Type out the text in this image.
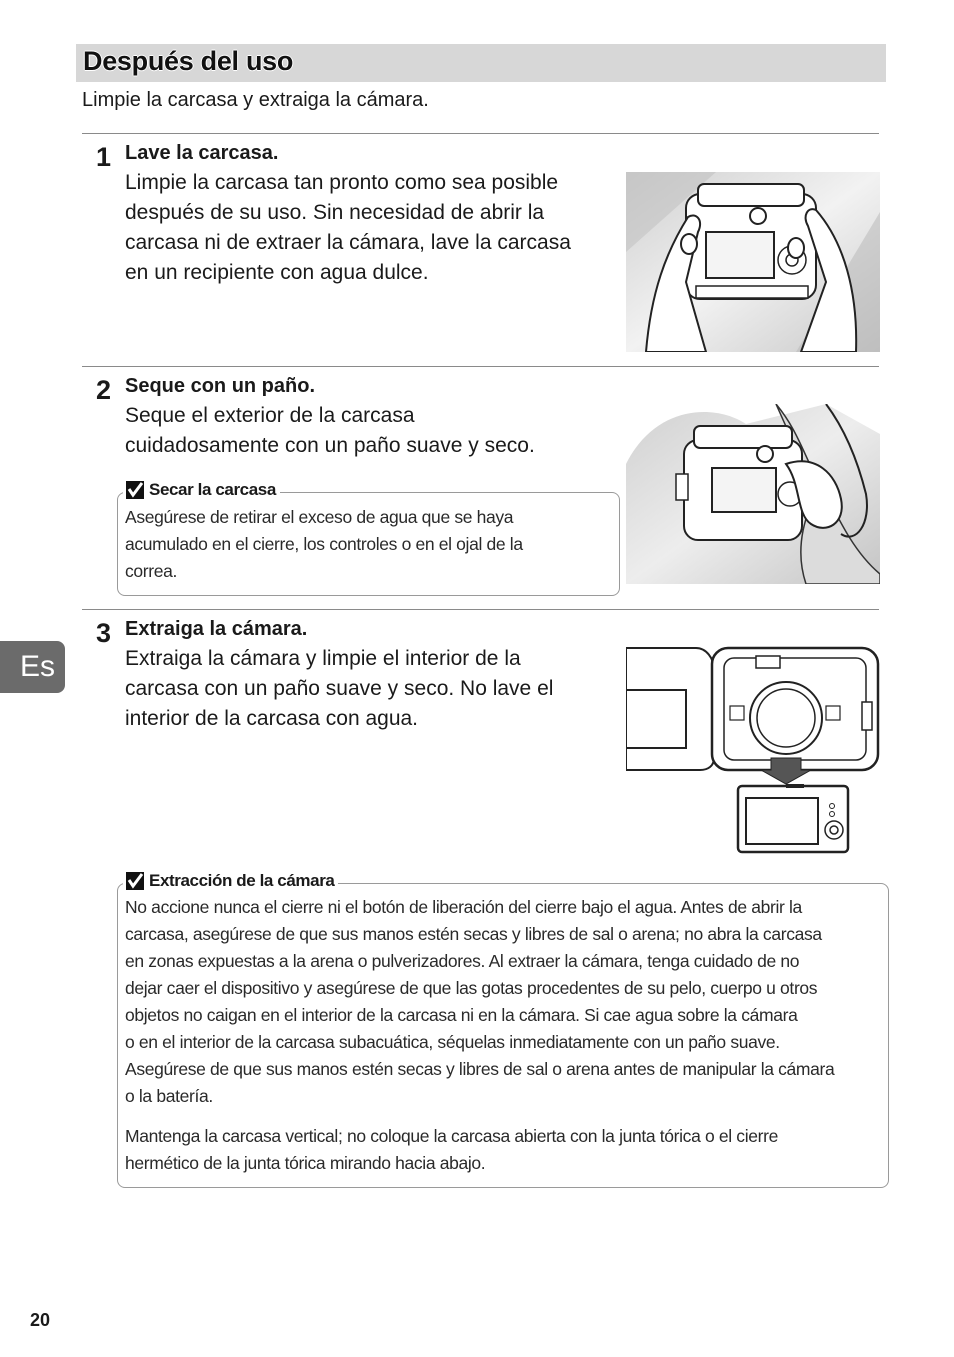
Después del uso
Limpie la carcasa y extraiga la cámara.
1 Lave la carcasa.
Limpie la carcasa tan pronto como sea posible
después de su uso. Sin necesidad de abrir la
carcasa ni de extraer la cámara, lave la carcasa
en un recipiente con agua dulce.
2 Seque con un paño.
Seque el exterior de la carcasa
cuidadosamente con un paño suave y seco.
Secar la carcasa
Asegúrese de retirar el exceso de agua que se haya
acumulado en el cierre, los controles o en el ojal de la
correa.
3 Extraiga la cámara.
Extraiga la cámara y limpie el interior de la
carcasa con un paño suave y seco. No lave el
interior de la carcasa con agua.
Extracción de la cámara
No accione nunca el cierre ni el botón de liberación del cierre bajo el agua. Antes de abrir la
carcasa, asegúrese de que sus manos estén secas y libres de sal o arena; no abra la carcasa
en zonas expuestas a la arena o pulverizadores. Al extraer la cámara, tenga cuidado de no
dejar caer el dispositivo y asegúrese de que las gotas procedentes de su pelo, cuerpo u otros
objetos no caigan en el interior de la carcasa ni en la cámara. Si cae agua sobre la cámara
o en el interior de la carcasa subacuática, séquelas inmediatamente con un paño suave.
Asegúrese de que sus manos estén secas y libres de sal o arena antes de manipular la cámara
o la batería.
Mantenga la carcasa vertical; no coloque la carcasa abierta con la junta tórica o el cierre
hermético de la junta tórica mirando hacia abajo.
Es
20
